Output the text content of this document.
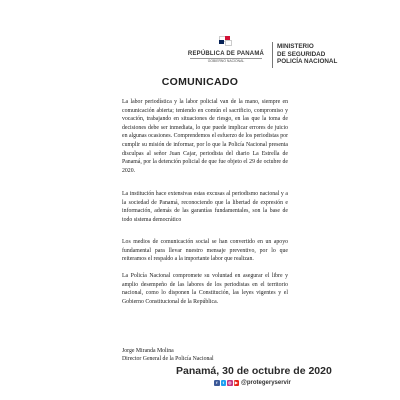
REPÚBLICA DE PANAMÁ
GOBIERNO NACIONAL
MINISTERIO
DE SEGURIDAD
POLICÍA NACIONAL
COMUNICADO
La labor periodística y la labor policial van de la mano, siempre en comunicación abierta; teniendo en común el sacrificio, compromiso y vocación, trabajando en situaciones de riesgo, en las que la toma de decisiones debe ser inmediata, lo que puede implicar errores de juicio en algunas ocasiones. Comprendemos el esfuerzo de los periodistas por cumplir su misión de informar, por lo que la Policía Nacional presenta disculpas al señor Juan Cajar, periodista del diario La Estrella de Panamá, por la detención policial de que fue objeto el 29 de octubre de 2020.
La institución hace extensivas estas excusas al periodismo nacional y a la sociedad de Panamá, reconociendo que la libertad de expresión e información, además de las garantías fundamentales, son la base de todo sistema democrático
Los medios de comunicación social se han convertido en un apoyo fundamental para llevar nuestro mensaje preventivo, por lo que reiteramos el respaldo a la importante labor que realizan.
La Policía Nacional compromete su voluntad en asegurar el libre y amplio desempeño de las labores de los periodistas en el territorio nacional, como lo disponen la Constitución, las leyes vigentes y el Gobierno Constitucional de la República.
Jorge Miranda Molina
Director General de la Policía Nacional
Panamá, 30 de octubre de 2020
f	t	◎ ▶ @protegeryservir
